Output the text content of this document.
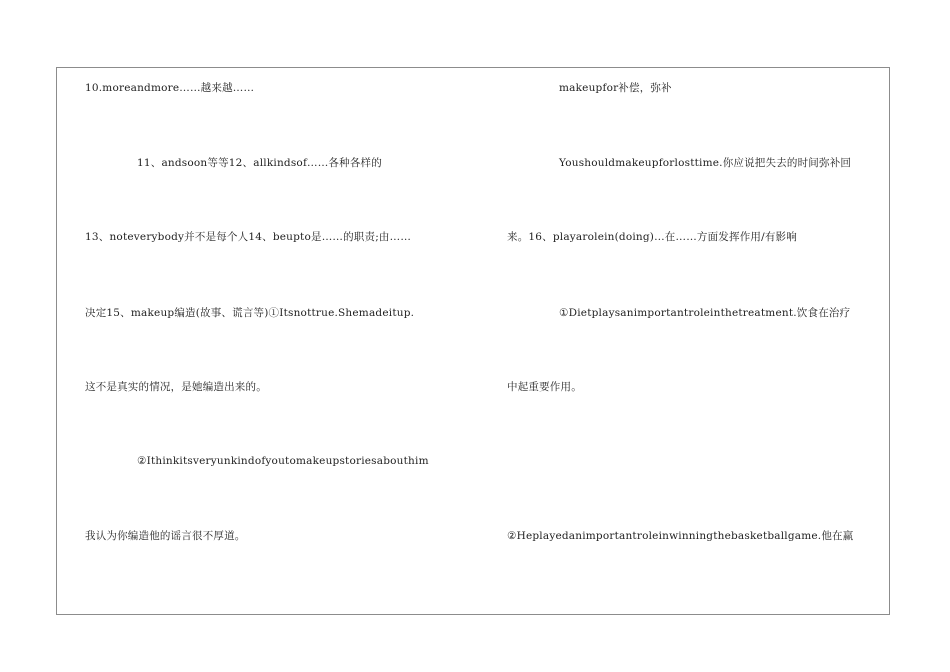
10.moreandmore……越来越……
11、andsoon等等12、allkindsof……各种各样的
13、noteverybody并不是每个人14、beupto是……的职责;由……
决定15、makeup编造(故事、谎言等)①Itsnottrue.Shemadeitup.
这不是真实的情况，是她编造出来的。
②Ithinkitsveryunkindofyoutomakeupstoriesabouthim
我认为你编造他的谣言很不厚道。
makeupfor补偿，弥补
Youshouldmakeupforlosttime.你应说把失去的时间弥补回
来。16、playarolein(doing)…在……方面发挥作用/有影响
①Dietplaysanimportantroleinthetreatment.饮食在治疗
中起重要作用。
②Heplayedanimportantroleinwinningthebasketballgame.他在赢
